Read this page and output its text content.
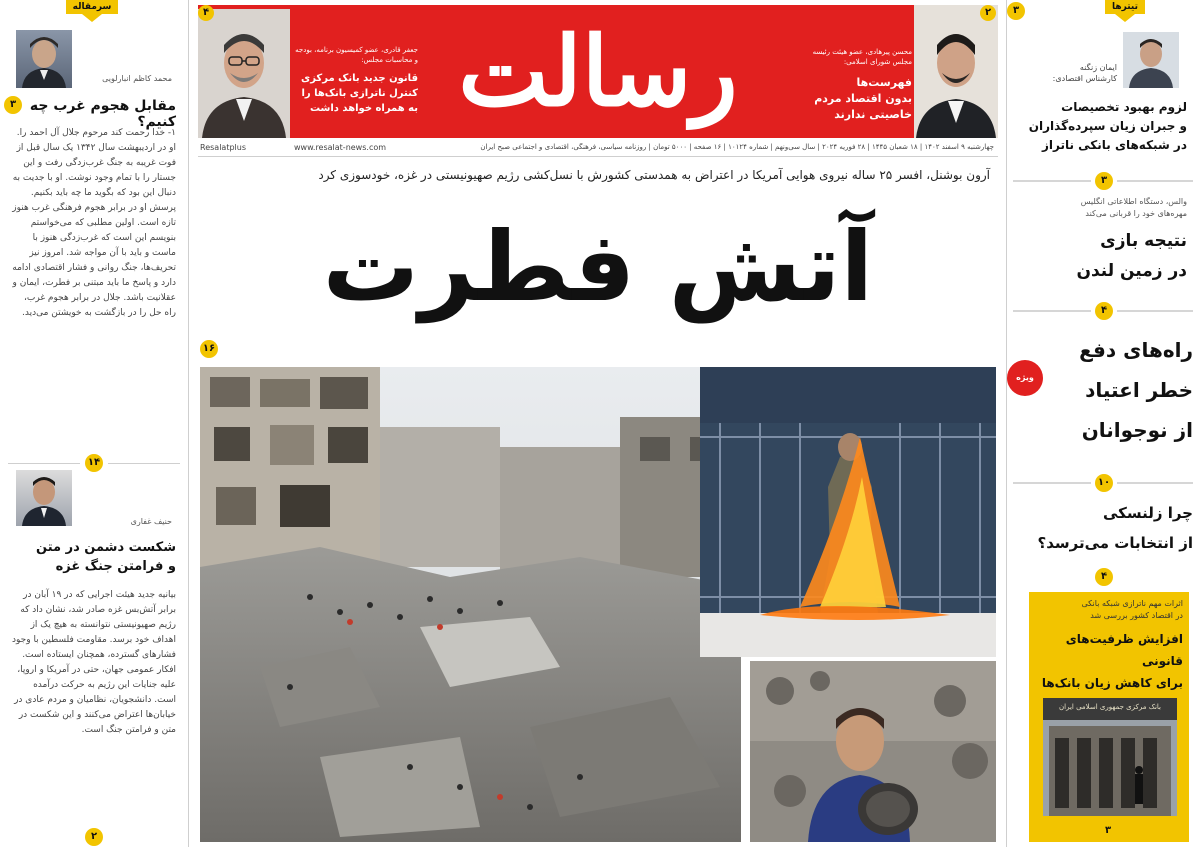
سرمقاله
محمد کاظم انبارلویی
۳ مقابل هجوم غرب چه کنیم؟
۱- خدا رحمت کند مرحوم جلال آل احمد را. او در اردیبهشت سال ۱۳۴۲ یک سال قبل از فوت غریبه به جنگ غرب‌زدگی رفت و این جستار را با تمام وجود نوشت. او با جدیت به دنبال این بود که بگوید ما چه باید بکنیم. پرسش او در برابر هجوم فرهنگی غرب هنوز تازه است. اولین مطلبی که می‌خواستم بنویسم این است که غرب‌زدگی هنوز با ماست و باید با آن مواجه شد. امروز نیز تحریف‌ها، جنگ روانی و فشار اقتصادی ادامه دارد و پاسخ ما باید مبتنی بر فطرت، ایمان و عقلانیت باشد. جلال در برابر هجوم غرب، راه حل را در بازگشت به خویشتن می‌دید.
۱۴
حنیف غفاری
شکست دشمن در متن
و فرامتن جنگ غزه
بیانیه جدید هیئت اجرایی که در ۱۹ آبان در برابر آتش‌بس غزه صادر شد، نشان داد که رژیم صهیونیستی نتوانسته به هیچ یک از اهداف خود برسد. مقاومت فلسطین با وجود فشارهای گسترده، همچنان ایستاده است. افکار عمومی جهان، حتی در آمریکا و اروپا، علیه جنایات این رژیم به حرکت درآمده است. دانشجویان، نظامیان و مردم عادی در خیابان‌ها اعتراض می‌کنند و این شکست در متن و فرامتن جنگ است.
۲
جعفر قادری، عضو کمیسیون برنامه، بودجه
و محاسبات مجلس:
قانون جدید بانک مرکزی
کنترل ناترازی بانک‌ها را
به همراه خواهد داشت
۴
رسالت	محسن پیرهادی، عضو هیئت رئیسه
مجلس شورای اسلامی:
فهرست‌ها
بدون اقتصاد مردم
خاصیتی ندارند
۲
Resalatplus	www.resalat-news.com	چهارشنبه ۹ اسفند ۱۴۰۲ | ۱۸ شعبان ۱۴۴۵ | ۲۸ فوریه ۲۰۲۴ | سال سی‌ونهم | شماره ۱۰۱۲۴ | ۱۶ صفحه | ۵۰۰۰ تومان | روزنامه سیاسی، فرهنگی، اقتصادی و اجتماعی صبح ایران
آرون بوشنل، افسر ۲۵ ساله نیروی هوایی آمریکا در اعتراض به همدستی کشورش با نسل‌کشی رژیم صهیونیستی در غزه، خودسوزی کرد
آتش فطرت
۱۶
تیترها
۳
ایمان زنگنه
کارشناس اقتصادی:
لزوم بهبود تخصیصات
و جبران زیان سپرده‌گذاران
در شبکه‌های بانکی ناتراز
۳
والس، دستگاه اطلاعاتی انگلیس
مهره‌های خود را قربانی می‌کند
نتیجه بازی
در زمین لندن
۴
ویژه
راه‌های دفع
خطر اعتیاد
از نوجوانان
۱۰
چرا زلنسکی
از انتخابات می‌ترسد؟
۴
اثرات مهم ناترازی شبکه بانکی
در اقتصاد کشور بررسی شد
افزایش ظرفیت‌های قانونی
برای کاهش زیان بانک‌ها
بانک مرکزی جمهوری اسلامی ایران
۳
